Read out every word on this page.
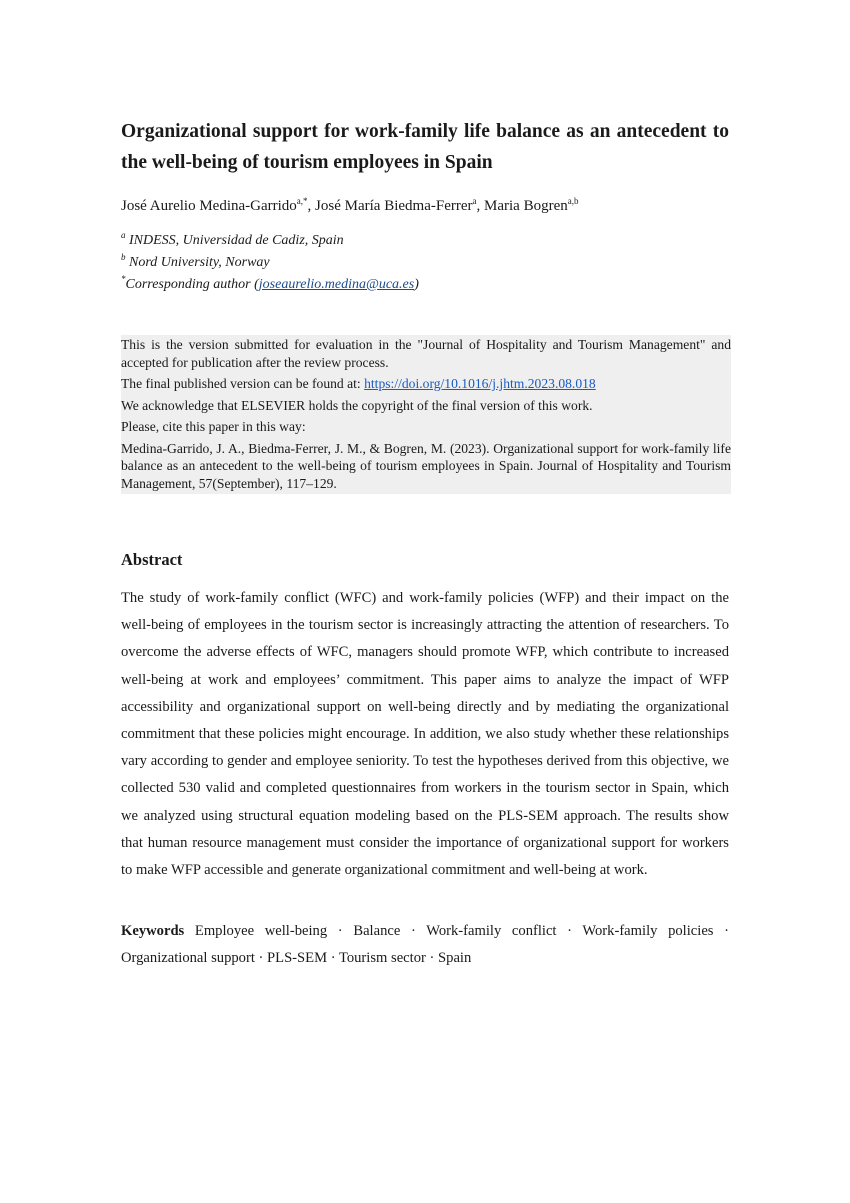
Organizational support for work-family life balance as an antecedent to the well-being of tourism employees in Spain

José Aurelio Medina-Garrido$^{a,*}$, José María Biedma-Ferrer$^a$, Maria Bogren$^{a,b}$

$^a$ INDESS, Universidad de Cadiz, Spain
$^b$ Nord University, Norway
*Corresponding author (joseaurelio.medina@uca.es)

This is the version submitted for evaluation in the "Journal of Hospitality and Tourism Management" and accepted for publication after the review process.

The final published version can be found at: https://doi.org/10.1016/j.jhtm.2023.08.018

We acknowledge that ELSEVIER holds the copyright of the final version of this work.

Please, cite this paper in this way:

Medina-Garrido, J. A., Biedma-Ferrer, J. M., & Bogren, M. (2023). Organizational support for work-family life balance as an antecedent to the well-being of tourism employees in Spain. Journal of Hospitality and Tourism Management, 57(September), 117–129.

Abstract

The study of work-family conflict (WFC) and work-family policies (WFP) and their impact on the well-being of employees in the tourism sector is increasingly attracting the attention of researchers. To overcome the adverse effects of WFC, managers should promote WFP, which contribute to increased well-being at work and employees’ commitment. This paper aims to analyze the impact of WFP accessibility and organizational support on well-being directly and by mediating the organizational commitment that these policies might encourage. In addition, we also study whether these relationships vary according to gender and employee seniority. To test the hypotheses derived from this objective, we collected 530 valid and completed questionnaires from workers in the tourism sector in Spain, which we analyzed using structural equation modeling based on the PLS-SEM approach. The results show that human resource management must consider the importance of organizational support for workers to make WFP accessible and generate organizational commitment and well-being at work.

Keywords Employee well-being · Balance · Work-family conflict · Work-family policies · Organizational support · PLS-SEM · Tourism sector · Spain
